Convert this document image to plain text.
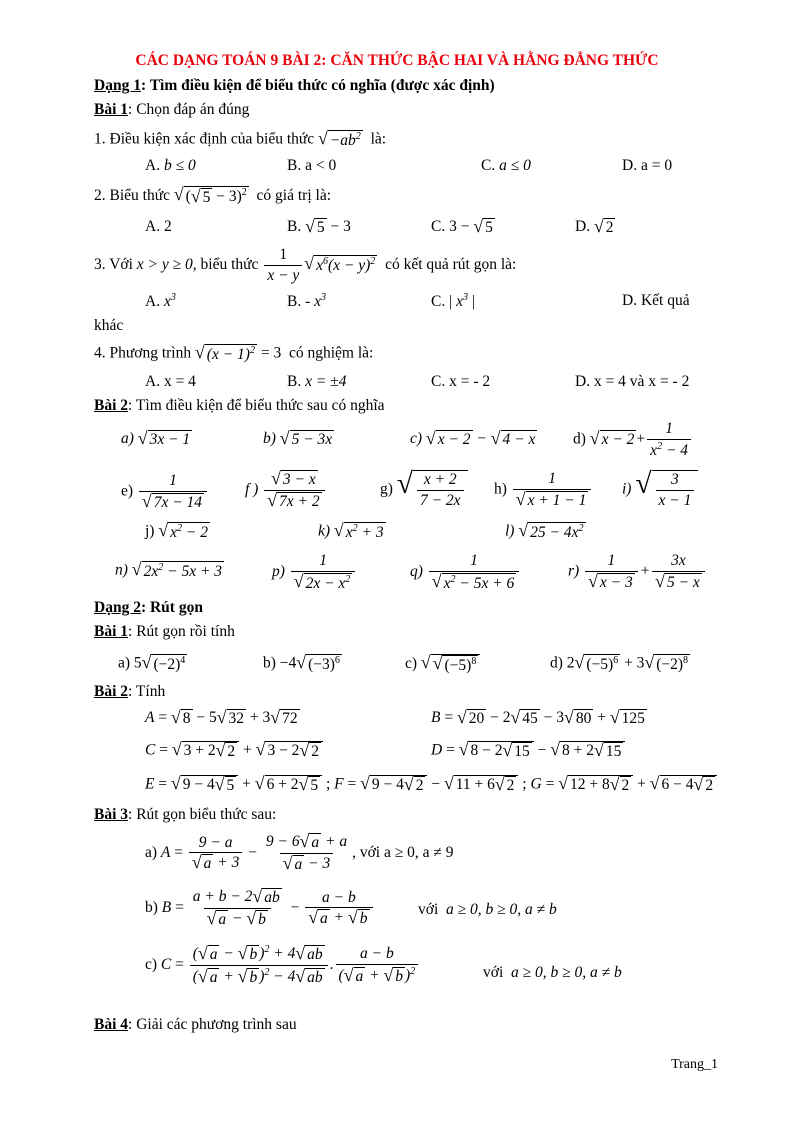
CÁC DẠNG TOÁN 9 BÀI 2: CĂN THỨC BẬC HAI VÀ HẰNG ĐẲNG THỨC
Dạng 1: Tìm điều kiện để biểu thức có nghĩa (được xác định)
Bài 1: Chọn đáp án đúng
1. Điều kiện xác định của biểu thức √ $-ab^2$ là:
A. b ≤ 0	B. a < 0	C. a ≤ 0	D. a = 0
2. Biểu thức √ ( √ 5 − 3)$^2$ có giá trị là:
A. 2	B. √ 5 − 3	C. 3 − √ 5	D. √ 2
3. Với x > y ≥ 0, biểu thức $\frac{1}{x - y}$ √ $x^6(x - y)^2$ có kết quả rút gọn là:
A. $x^3$	B. - $x^3$	C. | $x^3$ |	D. Kết quả
khác
4. Phương trình √ $(x - 1)^2 = 3$  có nghiệm là:
A. x = 4	B. x = ±4	C. x = - 2	D. x = 4 và x = - 2
Bài 2: Tìm điều kiện để biểu thức sau có nghĩa
a) √ 3x − 1	b) √ 5 − 3x	c) √ x − 2 − √ 4 − x d) √ $x - 2 + \frac{1}{x^2 - 4}$
$e) \frac{1}{√ 7x - 14}$ f ) $\frac{√ 3 - x}{√ 7x + 2}$	g) √ $\frac{x + 2}{7 - 2x} h) \frac{1}{√ x + 1 - 1} i$) √ $\frac{3}{x - 1}$
j) √ $x^2 - 2$	k) √ $x^2 + 3$	l) √ $25 - 4x^2$
n) √ $2x^2 - 5x + 3$	$p) \frac{1}{√ 2x - x^2}$	$q) \frac{1}{√ x^2 - 5x + 6}$	$r) \frac{1}{√ x - 3} + \frac{3x}{√ 5 - x}$
Dạng 2: Rút gọn
Bài 1: Rút gọn rồi tính
a) 5 √ $(-2)^4$	b) −4 √ $(-3)^6$	c) √ √ $(-5)^8$	d) 2 √ $(-5)^6 + 3$ √ $(-2)^8$
Bài 2: Tính
A = √ 8 − 5 √ 32 + 3 √ 72	B = √ 20 − 2 √ 45 − 3 √ 80 + √ 125
C = √ 3 + 2 √ 2 + √ 3 − 2 √ 2	D = √ 8 − 2 √ 15 − √ 8 + 2 √ 15
E = √ 9 − 4 √ 5 + √ 6 + 2 √ 5 ; F = √ 9 − 4 √ 2 − √ 11 + 6 √ 2 ; G = √ 12 + 8 √ 2 + √ 6 − 4 √ 2
Bài 3: Rút gọn biểu thức sau:
a) $A = \frac{9 - a}{√ a + 3} - \frac{9 - 6 √ a + a}{√ a - 3}$ , với a ≥ 0, a ≠ 9
b) $B = \frac{a + b - 2 √ ab}{√ a - √ b} - \frac{a - b}{√ a + √ b}$	với a ≥ 0, b ≥ 0, a ≠ b
c) $C = \frac{( √ a - √ b )^2 + 4 √ ab}{( √ a + √ b )^2 - 4 √ ab}$ . $\frac{a - b}{( √ a + √ b )^2}$	với a ≥ 0, b ≥ 0, a ≠ b
Bài 4: Giải các phương trình sau
Trang_1
